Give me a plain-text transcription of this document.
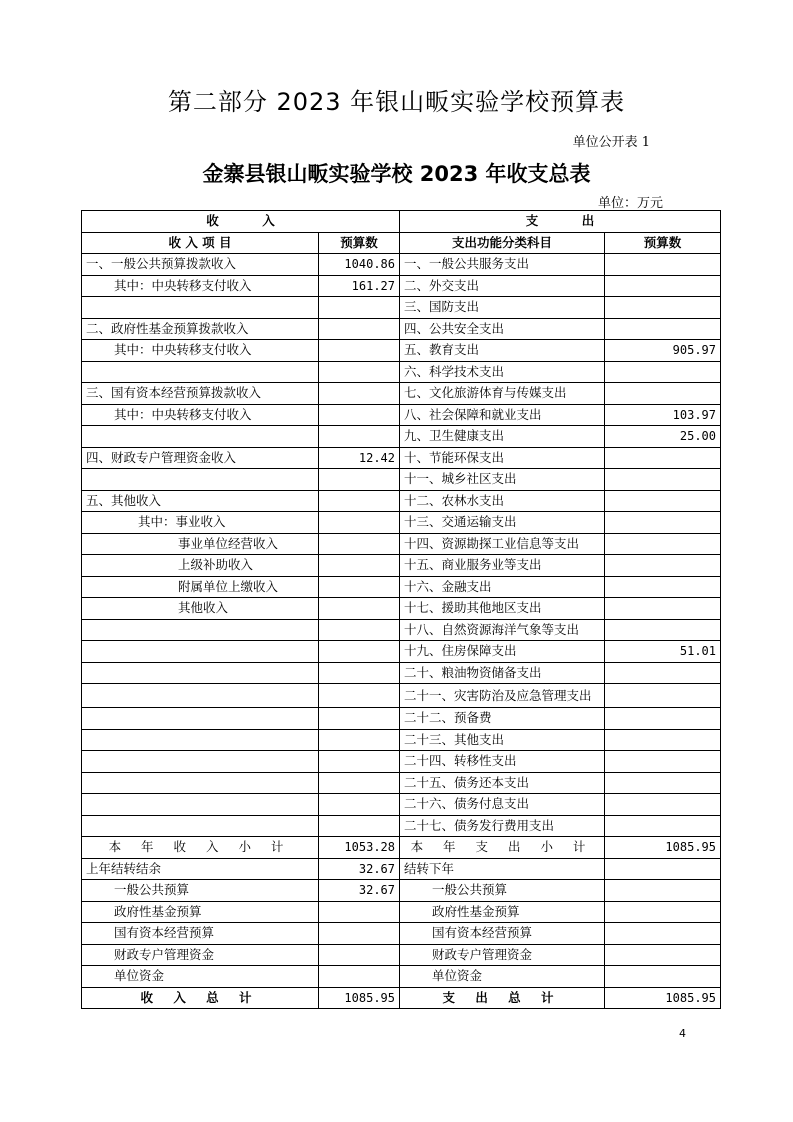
第二部分 2023 年银山畈实验学校预算表
单位公开表 1
金寨县银山畈实验学校 2023 年收支总表
单位：万元
收          入		支          出	
收 入 项 目	预算数	支出功能分类科目	预算数
一、一般公共预算拨款收入	1040.86	一、一般公共服务支出	
其中：中央转移支付收入	161.27	二、外交支出	
		三、国防支出	
二、政府性基金预算拨款收入		四、公共安全支出	
其中：中央转移支付收入		五、教育支出	905.97
		六、科学技术支出	
三、国有资本经营预算拨款收入		七、文化旅游体育与传媒支出	
其中：中央转移支付收入		八、社会保障和就业支出	103.97
		九、卫生健康支出	25.00
四、财政专户管理资金收入	12.42	十、节能环保支出	
		十一、城乡社区支出	
五、其他收入		十二、农林水支出	
其中：事业收入		十三、交通运输支出	
事业单位经营收入		十四、资源勘探工业信息等支出	
上级补助收入		十五、商业服务业等支出	
附属单位上缴收入		十六、金融支出	
其他收入		十七、援助其他地区支出	
		十八、自然资源海洋气象等支出	
		十九、住房保障支出	51.01
		二十、粮油物资储备支出	
		二十一、灾害防治及应急管理支出	
		二十二、预备费	
		二十三、其他支出	
		二十四、转移性支出	
		二十五、债务还本支出	
		二十六、债务付息支出	
		二十七、债务发行费用支出	
本 年 收 入 小 计	1053.28	本 年 支 出 小 计	1085.95
上年结转结余	32.67	结转下年	
一般公共预算	32.67	一般公共预算	
政府性基金预算		政府性基金预算	
国有资本经营预算		国有资本经营预算	
财政专户管理资金		财政专户管理资金	
单位资金		单位资金	
收 入 总 计	1085.95	支 出 总 计	1085.95
4
